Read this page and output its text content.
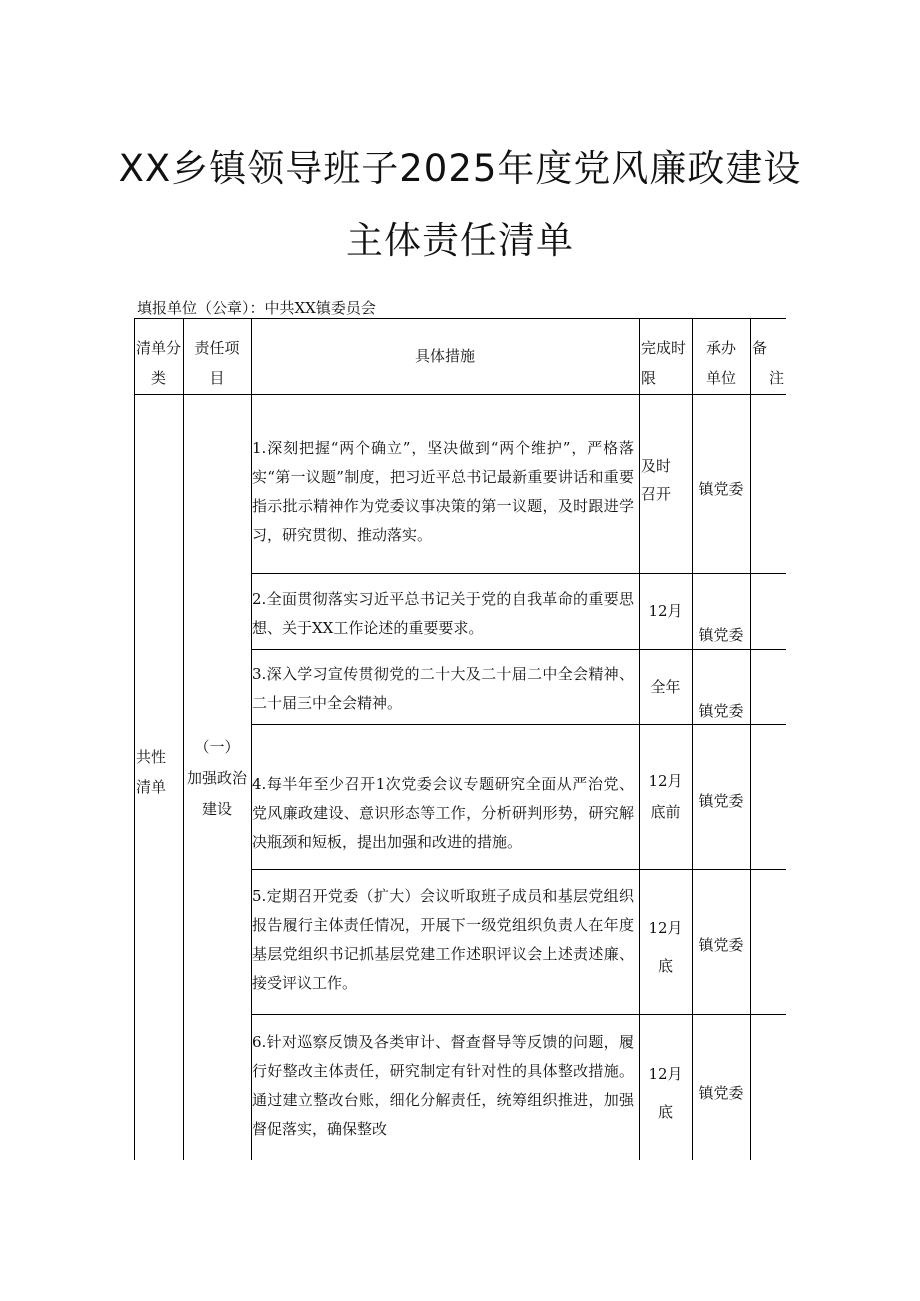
XX乡镇领导班子2025年度党风廉政建设
主体责任清单
填报单位（公章）：中共XX镇委员会
清单分
类
责任项
目
具体措施	完成时
限
承办
单位
备
注
共性
清单
（一）
加强政治
建设
1.深刻把握“两个确立”，坚决做到“两个维护”，严格落实“第一议题”制度，把习近平总书记最新重要讲话和重要指示批示精神作为党委议事决策的第一议题，及时跟进学习，研究贯彻、推动落实。
及时
召开	镇党委
2.全面贯彻落实习近平总书记关于党的自我革命的重要思想、关于XX工作论述的重要要求。
12月
镇党委
3.深入学习宣传贯彻党的二十大及二十届二中全会精神、二十届三中全会精神。
全年
镇党委
4.每半年至少召开1次党委会议专题研究全面从严治党、党风廉政建设、意识形态等工作，分析研判形势，研究解决瓶颈和短板，提出加强和改进的措施。
12月
底前
镇党委
5.定期召开党委（扩大）会议听取班子成员和基层党组织报告履行主体责任情况，开展下一级党组织负责人在年度基层党组织书记抓基层党建工作述职评议会上述责述廉、接受评议工作。
12月
底
镇党委
6.针对巡察反馈及各类审计、督查督导等反馈的问题，履行好整改主体责任，研究制定有针对性的具体整改措施。通过建立整改台账，细化分解责任，统筹组织推进，加强督促落实，确保整改
12月
底
镇党委
